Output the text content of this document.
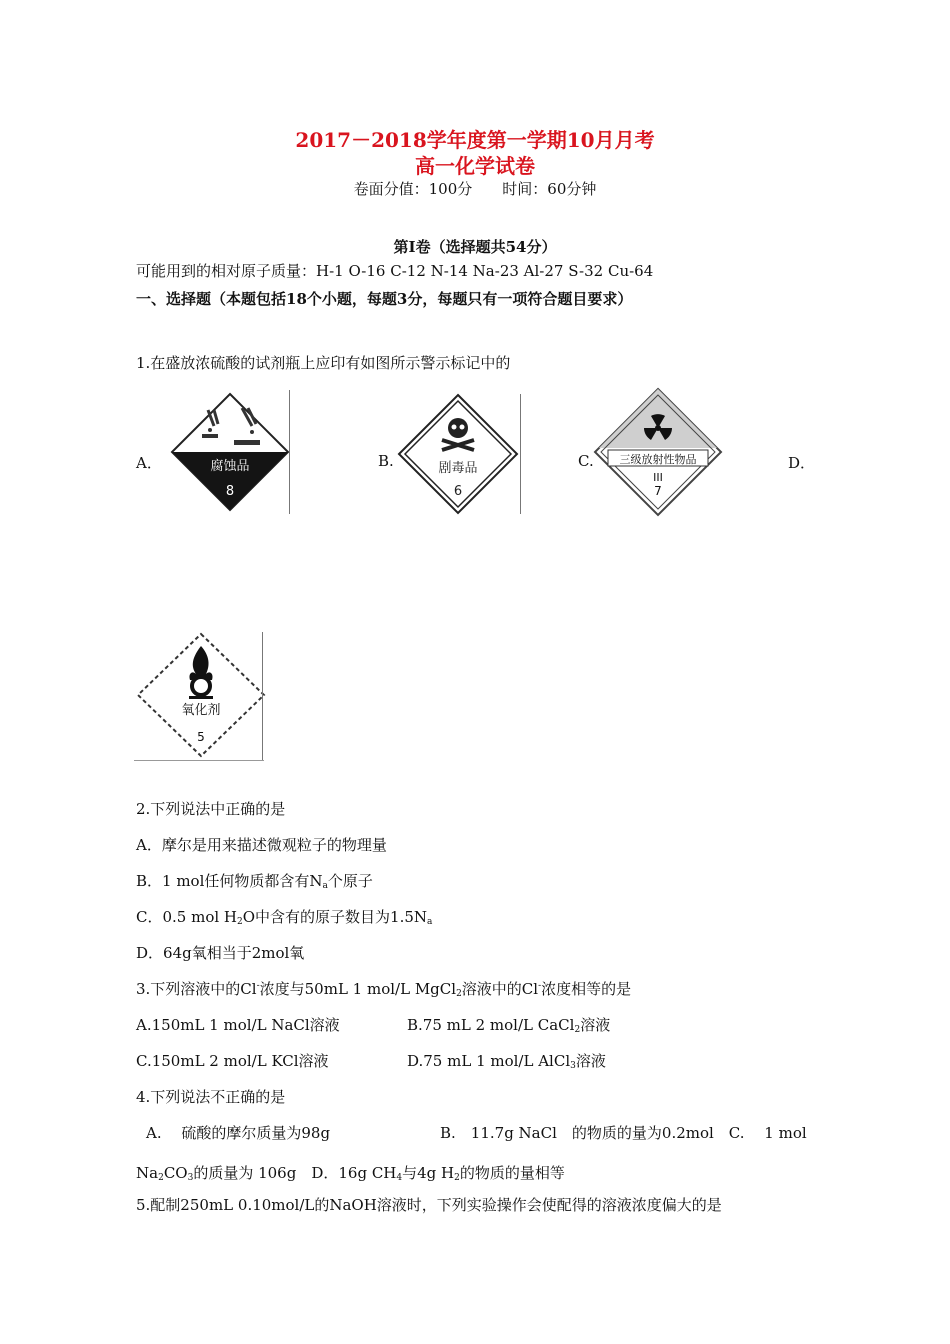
2017－2018学年度第一学期10月月考
高一化学试卷
卷面分值：100分　　时间：60分钟
第Ⅰ卷（选择题共54分）
可能用到的相对原子质量：H-1 O-16 C-12 N-14 Na-23 Al-27 S-32 Cu-64
一、选择题（本题包括18个小题，每题3分，每题只有一项符合题目要求）
1.在盛放浓硫酸的试剂瓶上应印有如图所示警示标记中的
A．	B.	C.	D．
腐蚀品
8
剧毒品
6
三级放射性物品
III
7
氧化剂
5
2.下列说法中正确的是
A．摩尔是用来描述微观粒子的物理量
B．1 mol任何物质都含有$N_a$个原子
C．0.5 mol $H_2O$中含有的原子数目为$1.5N_a$
D．64g氧相当于2mol氧
3.下列溶液中的Cl-浓度与50mL 1 mol/L MgCl$_2$溶液中的Cl-浓度相等的是
A.150mL 1 mol/L NaCl溶液	B.75 mL 2 mol/L CaCl$_2$溶液
C.150mL 2 mol/L KCl溶液	D.75 mL 1 mol/L AlCl$_3$溶液
4.下列说法不正确的是
A.　 硫酸的摩尔质量为98g	B.　11.7g NaCl　的物质的量为0.2mol　C.　 1 mol
$Na_2CO_3$的质量为 106g　D．16g $CH_4$与4g $H_2$的物质的量相等
5.配制250mL 0.10mol/L的NaOH溶液时，下列实验操作会使配得的溶液浓度偏大的是
